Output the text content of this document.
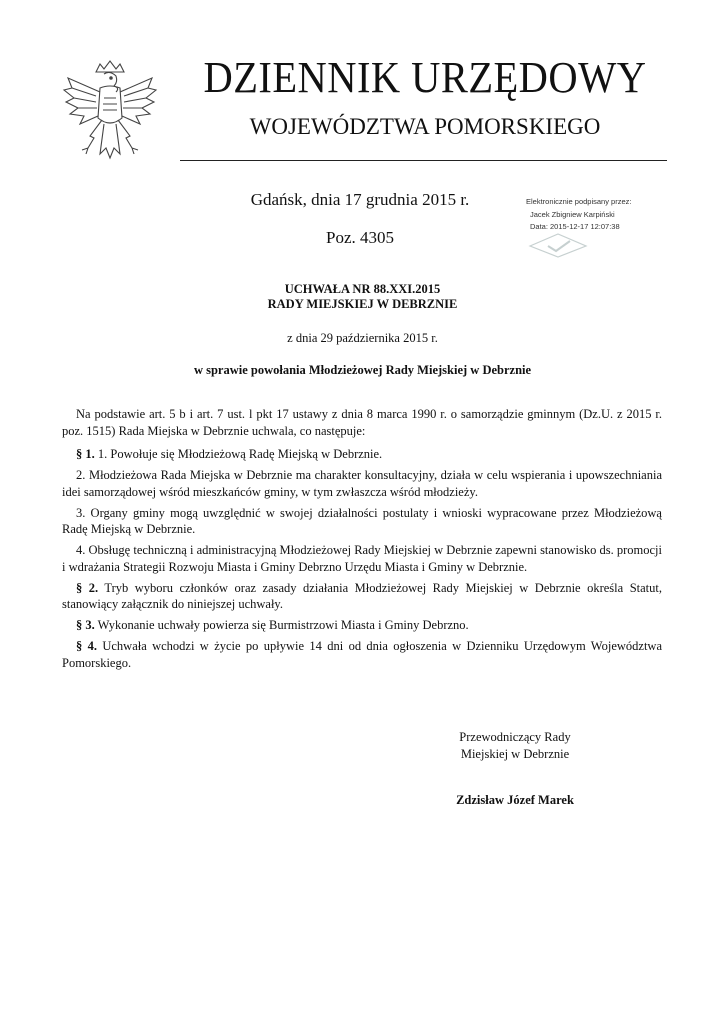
DZIENNIK URZĘDOWY
WOJEWÓDZTWA POMORSKIEGO
Gdańsk, dnia 17 grudnia 2015 r.
Poz. 4305
Elektronicznie podpisany przez:
Jacek Zbigniew Karpiński
Data: 2015-12-17 12:07:38
UCHWAŁA NR 88.XXI.2015
RADY MIEJSKIEJ W DEBRZNIE
z dnia 29 października 2015 r.
w sprawie powołania Młodzieżowej Rady Miejskiej w Debrznie

Na podstawie art. 5 b i art. 7 ust. l pkt 17 ustawy z dnia 8 marca 1990 r. o samorządzie gminnym (Dz.U. z 2015 r. poz. 1515) Rada Miejska w Debrznie uchwala, co następuje:

§ 1. 1. Powołuje się Młodzieżową Radę Miejską w Debrznie.

2. Młodzieżowa Rada Miejska w Debrznie ma charakter konsultacyjny, działa w celu wspierania i upowszechniania idei samorządowej wśród mieszkańców gminy, w tym zwłaszcza wśród młodzieży.

3. Organy gminy mogą uwzględnić w swojej działalności postulaty i wnioski wypracowane przez Młodzieżową Radę Miejską w Debrznie.

4. Obsługę techniczną i administracyjną Młodzieżowej Rady Miejskiej w Debrznie zapewni stanowisko ds. promocji i wdrażania Strategii Rozwoju Miasta i Gminy Debrzno Urzędu Miasta i Gminy w Debrznie.

§ 2. Tryb wyboru członków oraz zasady działania Młodzieżowej Rady Miejskiej w Debrznie określa Statut, stanowiący załącznik do niniejszej uchwały.

§ 3. Wykonanie uchwały powierza się Burmistrzowi Miasta i Gminy Debrzno.

§ 4. Uchwała wchodzi w życie po upływie 14 dni od dnia ogłoszenia w Dzienniku Urzędowym Województwa Pomorskiego.

Przewodniczący Rady
Miejskiej w Debrznie
Zdzisław Józef Marek
